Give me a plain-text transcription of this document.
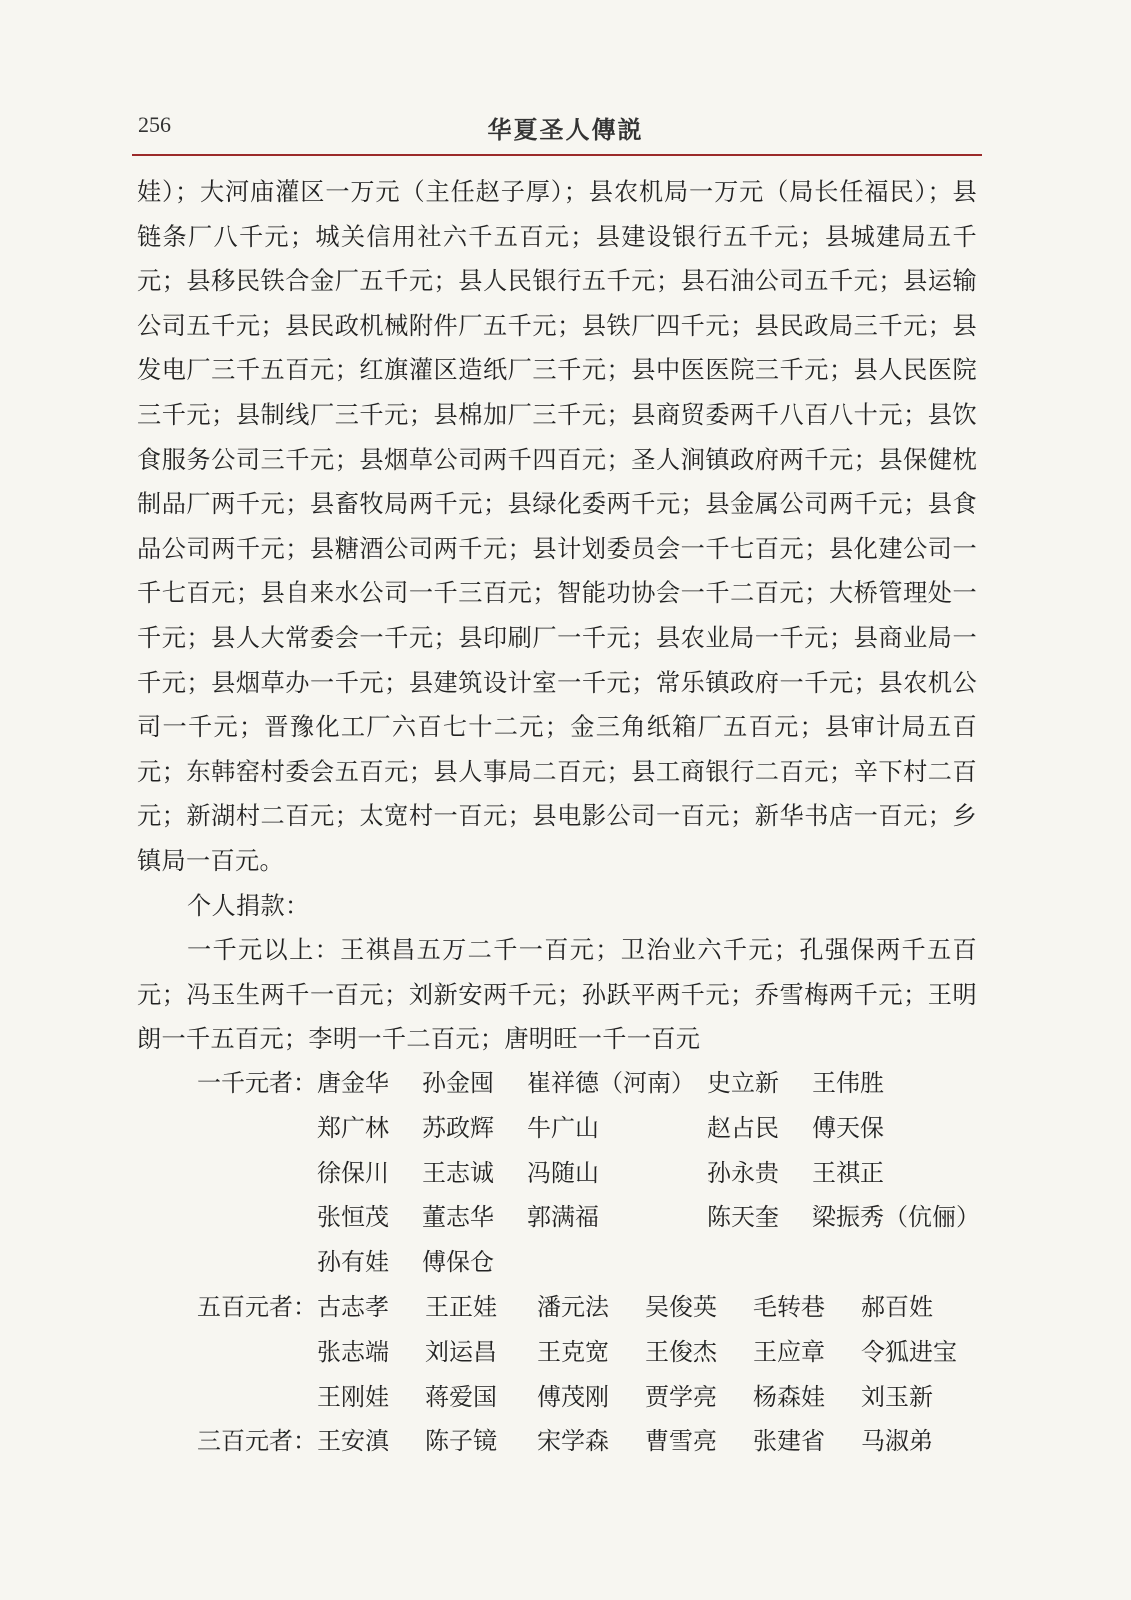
256	华夏圣人傳説

娃）；大河庙灌区一万元（主任赵子厚）；县农机局一万元（局长任福民）；县链条厂八千元；城关信用社六千五百元；县建设银行五千元；县城建局五千元；县移民铁合金厂五千元；县人民银行五千元；县石油公司五千元；县运输公司五千元；县民政机械附件厂五千元；县铁厂四千元；县民政局三千元；县发电厂三千五百元；红旗灌区造纸厂三千元；县中医医院三千元；县人民医院三千元；县制线厂三千元；县棉加厂三千元；县商贸委两千八百八十元；县饮食服务公司三千元；县烟草公司两千四百元；圣人涧镇政府两千元；县保健枕制品厂两千元；县畜牧局两千元；县绿化委两千元；县金属公司两千元；县食品公司两千元；县糖酒公司两千元；县计划委员会一千七百元；县化建公司一千七百元；县自来水公司一千三百元；智能功协会一千二百元；大桥管理处一千元；县人大常委会一千元；县印刷厂一千元；县农业局一千元；县商业局一千元；县烟草办一千元；县建筑设计室一千元；常乐镇政府一千元；县农机公司一千元；晋豫化工厂六百七十二元；金三角纸箱厂五百元；县审计局五百元；东韩窑村委会五百元；县人事局二百元；县工商银行二百元；辛下村二百元；新湖村二百元；太宽村一百元；县电影公司一百元；新华书店一百元；乡镇局一百元。

个人捐款：

一千元以上：王祺昌五万二千一百元；卫治业六千元；孔强保两千五百元；冯玉生两千一百元；刘新安两千元；孙跃平两千元；乔雪梅两千元；王明朗一千五百元；李明一千二百元；唐明旺一千一百元

一千元者： 唐金华	孙金囤	崔祥德（河南） 史立新	王伟胜
郑广林	苏政辉	牛广山	赵占民	傅天保
徐保川	王志诚	冯随山	孙永贵	王祺正
张恒茂	董志华	郭满福	陈天奎	梁振秀（伉俪）
孙有娃	傅保仓
五百元者： 古志孝	王正娃	潘元法	吴俊英	毛转巷	郝百姓
张志端	刘运昌	王克宽	王俊杰	王应章	令狐进宝
王刚娃	蒋爱国	傅茂刚	贾学亮	杨森娃	刘玉新
三百元者： 王安滇	陈子镜	宋学森	曹雪亮	张建省	马淑弟
